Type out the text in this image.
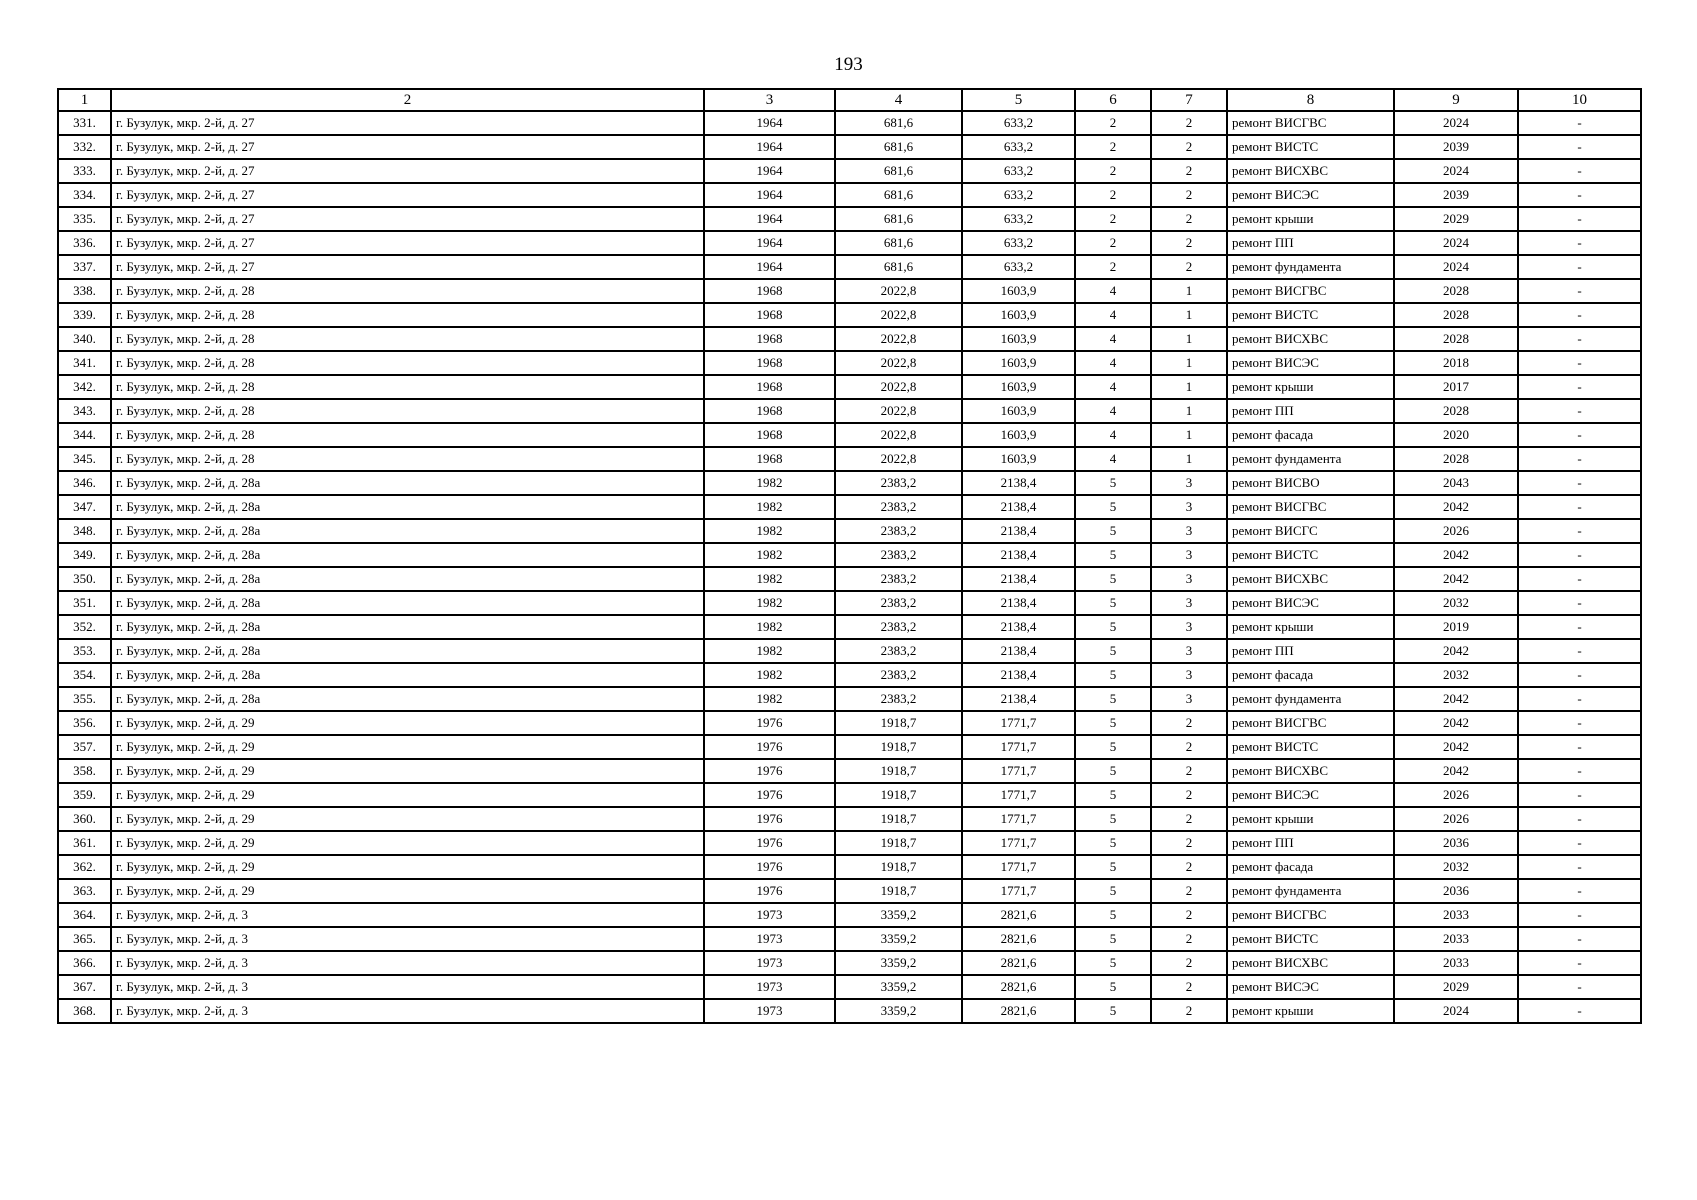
193
1	2	3	4	5	6	7	8	9	10
331.	г. Бузулук, мкр. 2-й, д. 27	1964	681,6	633,2	2	2	ремонт ВИСГВС	2024	-
332.	г. Бузулук, мкр. 2-й, д. 27	1964	681,6	633,2	2	2	ремонт ВИСТС	2039	-
333.	г. Бузулук, мкр. 2-й, д. 27	1964	681,6	633,2	2	2	ремонт ВИСХВС	2024	-
334.	г. Бузулук, мкр. 2-й, д. 27	1964	681,6	633,2	2	2	ремонт ВИСЭС	2039	-
335.	г. Бузулук, мкр. 2-й, д. 27	1964	681,6	633,2	2	2	ремонт крыши	2029	-
336.	г. Бузулук, мкр. 2-й, д. 27	1964	681,6	633,2	2	2	ремонт ПП	2024	-
337.	г. Бузулук, мкр. 2-й, д. 27	1964	681,6	633,2	2	2	ремонт фундамента	2024	-
338.	г. Бузулук, мкр. 2-й, д. 28	1968	2022,8	1603,9	4	1	ремонт ВИСГВС	2028	-
339.	г. Бузулук, мкр. 2-й, д. 28	1968	2022,8	1603,9	4	1	ремонт ВИСТС	2028	-
340.	г. Бузулук, мкр. 2-й, д. 28	1968	2022,8	1603,9	4	1	ремонт ВИСХВС	2028	-
341.	г. Бузулук, мкр. 2-й, д. 28	1968	2022,8	1603,9	4	1	ремонт ВИСЭС	2018	-
342.	г. Бузулук, мкр. 2-й, д. 28	1968	2022,8	1603,9	4	1	ремонт крыши	2017	-
343.	г. Бузулук, мкр. 2-й, д. 28	1968	2022,8	1603,9	4	1	ремонт ПП	2028	-
344.	г. Бузулук, мкр. 2-й, д. 28	1968	2022,8	1603,9	4	1	ремонт фасада	2020	-
345.	г. Бузулук, мкр. 2-й, д. 28	1968	2022,8	1603,9	4	1	ремонт фундамента	2028	-
346.	г. Бузулук, мкр. 2-й, д. 28а	1982	2383,2	2138,4	5	3	ремонт ВИСВО	2043	-
347.	г. Бузулук, мкр. 2-й, д. 28а	1982	2383,2	2138,4	5	3	ремонт ВИСГВС	2042	-
348.	г. Бузулук, мкр. 2-й, д. 28а	1982	2383,2	2138,4	5	3	ремонт ВИСГС	2026	-
349.	г. Бузулук, мкр. 2-й, д. 28а	1982	2383,2	2138,4	5	3	ремонт ВИСТС	2042	-
350.	г. Бузулук, мкр. 2-й, д. 28а	1982	2383,2	2138,4	5	3	ремонт ВИСХВС	2042	-
351.	г. Бузулук, мкр. 2-й, д. 28а	1982	2383,2	2138,4	5	3	ремонт ВИСЭС	2032	-
352.	г. Бузулук, мкр. 2-й, д. 28а	1982	2383,2	2138,4	5	3	ремонт крыши	2019	-
353.	г. Бузулук, мкр. 2-й, д. 28а	1982	2383,2	2138,4	5	3	ремонт ПП	2042	-
354.	г. Бузулук, мкр. 2-й, д. 28а	1982	2383,2	2138,4	5	3	ремонт фасада	2032	-
355.	г. Бузулук, мкр. 2-й, д. 28а	1982	2383,2	2138,4	5	3	ремонт фундамента	2042	-
356.	г. Бузулук, мкр. 2-й, д. 29	1976	1918,7	1771,7	5	2	ремонт ВИСГВС	2042	-
357.	г. Бузулук, мкр. 2-й, д. 29	1976	1918,7	1771,7	5	2	ремонт ВИСТС	2042	-
358.	г. Бузулук, мкр. 2-й, д. 29	1976	1918,7	1771,7	5	2	ремонт ВИСХВС	2042	-
359.	г. Бузулук, мкр. 2-й, д. 29	1976	1918,7	1771,7	5	2	ремонт ВИСЭС	2026	-
360.	г. Бузулук, мкр. 2-й, д. 29	1976	1918,7	1771,7	5	2	ремонт крыши	2026	-
361.	г. Бузулук, мкр. 2-й, д. 29	1976	1918,7	1771,7	5	2	ремонт ПП	2036	-
362.	г. Бузулук, мкр. 2-й, д. 29	1976	1918,7	1771,7	5	2	ремонт фасада	2032	-
363.	г. Бузулук, мкр. 2-й, д. 29	1976	1918,7	1771,7	5	2	ремонт фундамента	2036	-
364.	г. Бузулук, мкр. 2-й, д. 3	1973	3359,2	2821,6	5	2	ремонт ВИСГВС	2033	-
365.	г. Бузулук, мкр. 2-й, д. 3	1973	3359,2	2821,6	5	2	ремонт ВИСТС	2033	-
366.	г. Бузулук, мкр. 2-й, д. 3	1973	3359,2	2821,6	5	2	ремонт ВИСХВС	2033	-
367.	г. Бузулук, мкр. 2-й, д. 3	1973	3359,2	2821,6	5	2	ремонт ВИСЭС	2029	-
368.	г. Бузулук, мкр. 2-й, д. 3	1973	3359,2	2821,6	5	2	ремонт крыши	2024	-
